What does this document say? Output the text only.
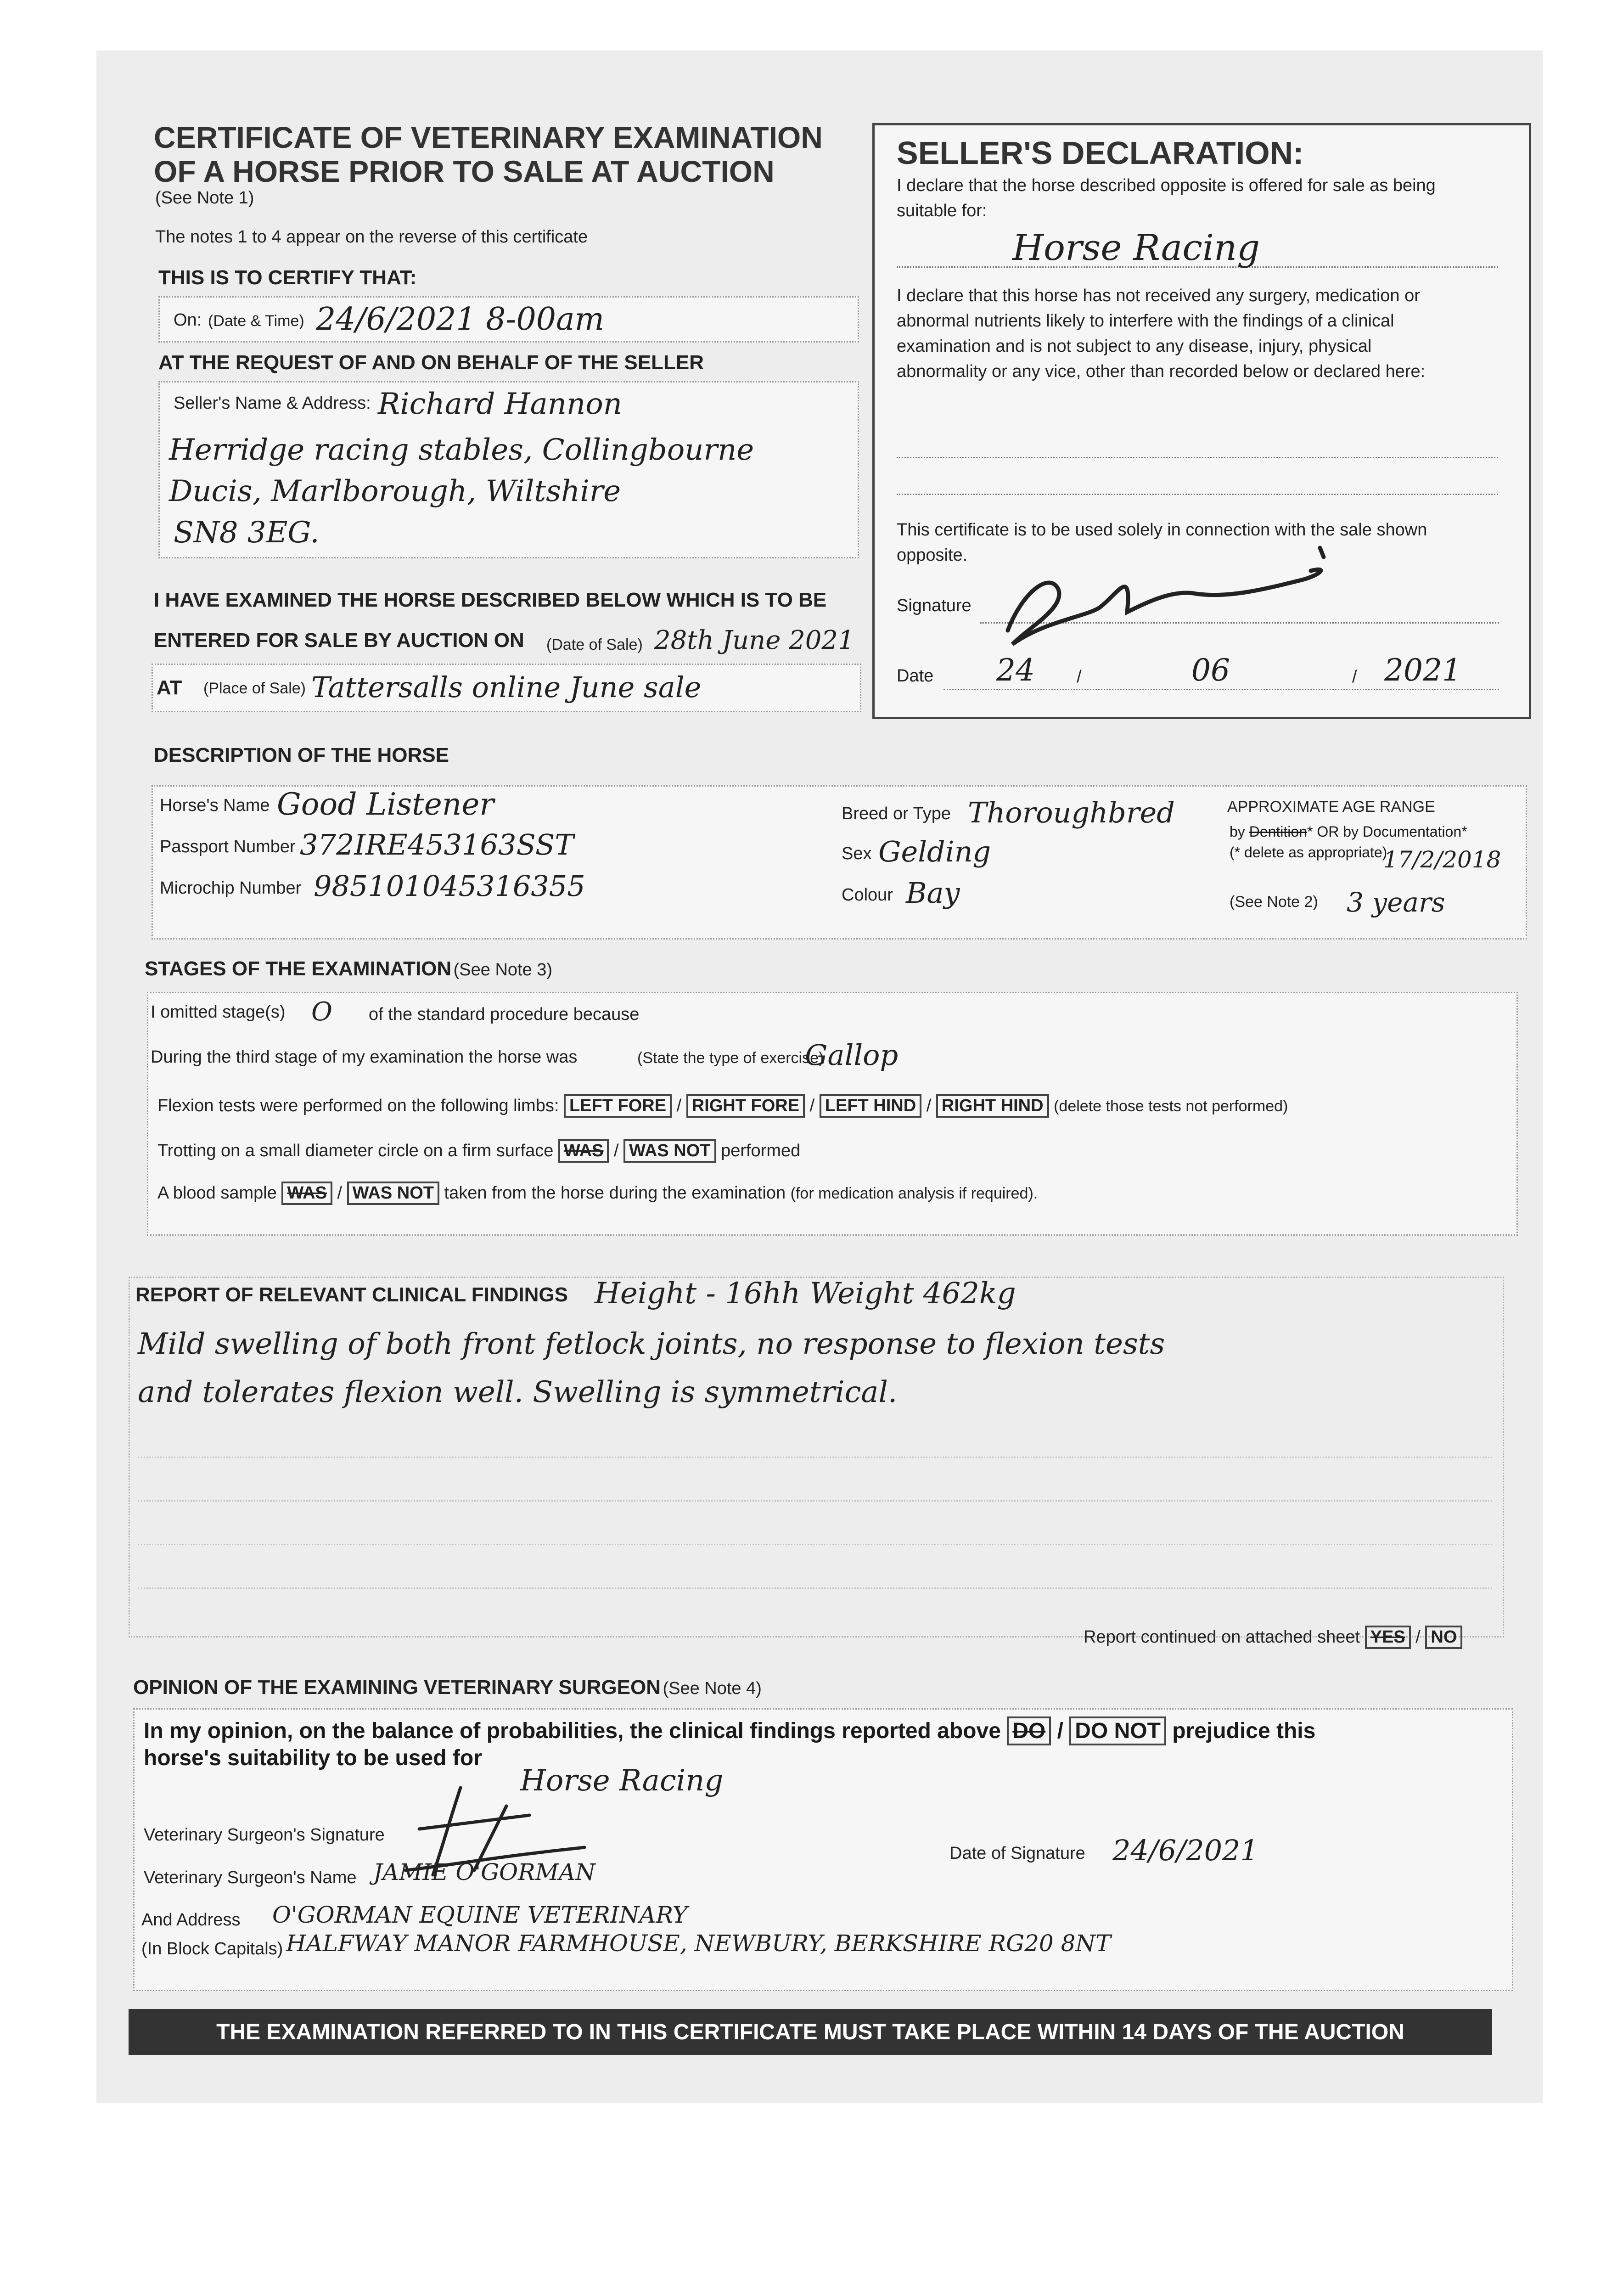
CERTIFICATE OF VETERINARY EXAMINATION
OF A HORSE PRIOR TO SALE AT AUCTION
(See Note 1)
The notes 1 to 4 appear on the reverse of this certificate
THIS IS TO CERTIFY THAT:
On: (Date & Time) 24/6/2021 8-00am
AT THE REQUEST OF AND ON BEHALF OF THE SELLER
Seller's Name & Address: Richard Hannon
Herridge racing stables, Collingbourne
Ducis, Marlborough, Wiltshire
SN8 3EG.
I HAVE EXAMINED THE HORSE DESCRIBED BELOW WHICH IS TO BE
ENTERED FOR SALE BY AUCTION ON (Date of Sale) 28th June 2021
AT (Place of Sale) Tattersalls online June sale
SELLER'S DECLARATION:
I declare that the horse described opposite is offered for sale as being
suitable for:
Horse Racing
I declare that this horse has not received any surgery, medication or
abnormal nutrients likely to interfere with the findings of a clinical
examination and is not subject to any disease, injury, physical
abnormality or any vice, other than recorded below or declared here:
This certificate is to be used solely in connection with the sale shown
opposite.
Signature
Date 24 /	06	/ 2021
DESCRIPTION OF THE HORSE
Horse's Name Good Listener
Passport Number 372IRE453163SST
Microchip Number 985101045316355
Breed or Type Thoroughbred
Sex Gelding
Colour Bay
APPROXIMATE AGE RANGE
by Dentition* OR by Documentation*
(* delete as appropriate)
17/2/2018
(See Note 2) 3 years
STAGES OF THE EXAMINATION (See Note 3)
I omitted stage(s) O of the standard procedure because
During the third stage of my examination the horse was	(State the type of exercise)
Gallop
Flexion tests were performed on the following limbs: LEFT FORE / RIGHT FORE / LEFT HIND / RIGHT HIND (delete those tests not performed)
Trotting on a small diameter circle on a firm surface WAS / WAS NOT performed
A blood sample WAS / WAS NOT taken from the horse during the examination (for medication analysis if required).
REPORT OF RELEVANT CLINICAL FINDINGS Height - 16hh Weight 462kg
Mild swelling of both front fetlock joints, no response to flexion tests
and tolerates flexion well. Swelling is symmetrical.
Report continued on attached sheet YES / NO
OPINION OF THE EXAMINING VETERINARY SURGEON (See Note 4)
In my opinion, on the balance of probabilities, the clinical findings reported above DO / DO NOT prejudice this
horse's suitability to be used for
Horse Racing
Veterinary Surgeon's Signature
Date of Signature 24/6/2021
Veterinary Surgeon's Name JAMIE O'GORMAN
And Address O'GORMAN EQUINE VETERINARY
(In Block Capitals) HALFWAY MANOR FARMHOUSE, NEWBURY, BERKSHIRE RG20 8NT
THE EXAMINATION REFERRED TO IN THIS CERTIFICATE MUST TAKE PLACE WITHIN 14 DAYS OF THE AUCTION
